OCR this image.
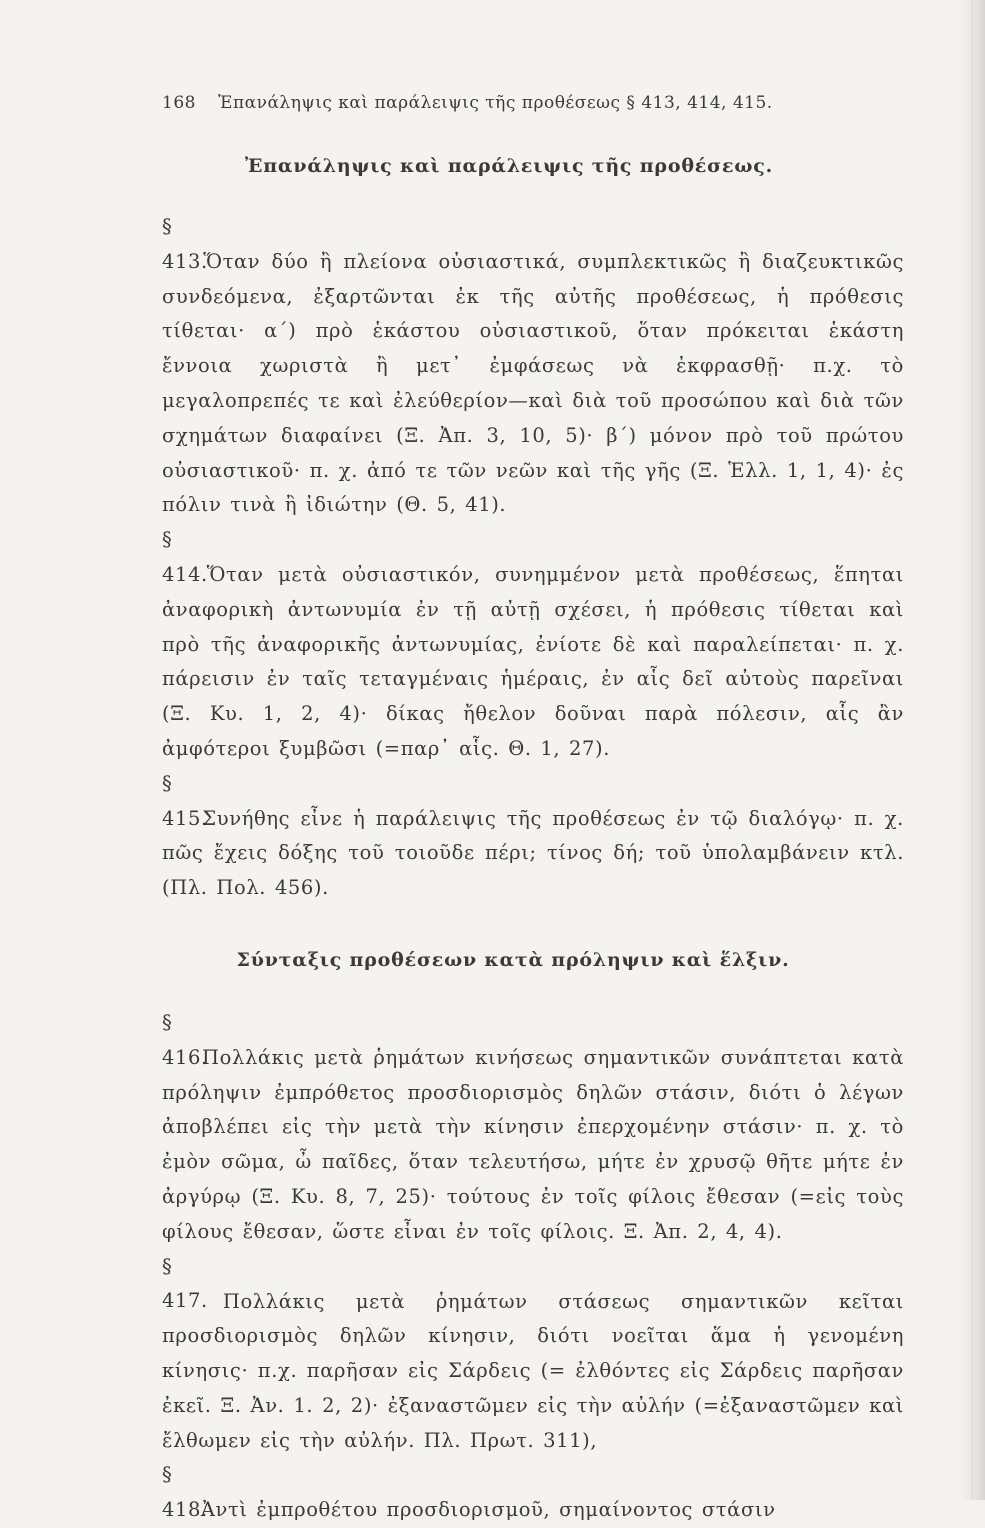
168 Ἐπανάληψις καὶ παράλειψις τῆς προθέσεως § 413, 414, 415.
Ἐπανάληψις καὶ παράλειψις τῆς προθέσεως.

§ 413. Ὅταν δύο ἢ πλείονα οὐσιαστικά, συμπλεκτικῶς ἢ διαζευκτικῶς συνδεόμενα, ἐξαρτῶνται ἐκ τῆς αὐτῆς προθέσεως, ἡ πρόθεσις τίθεται· α΄) πρὸ ἑκάστου οὐσιαστικοῦ, ὅταν πρόκειται ἑκάστη ἔννοια χωριστὰ ἢ μετ᾽ ἐμφάσεως νὰ ἐκφρασθῇ· π.χ. τὸ μεγαλοπρεπές τε καὶ ἐλεύθερίον—καὶ διὰ τοῦ προσώπου καὶ διὰ τῶν σχημάτων διαφαίνει (Ξ. Ἀπ. 3, 10, 5)· β΄) μόνον πρὸ τοῦ πρώτου οὐσιαστικοῦ· π. χ. ἀπό τε τῶν νεῶν καὶ τῆς γῆς (Ξ. Ἑλλ. 1, 1, 4)· ἐς πόλιν τινὰ ἢ ἰδιώτην (Θ. 5, 41).

§ 414. Ὅταν μετὰ οὐσιαστικόν, συνημμένον μετὰ προθέσεως, ἕπηται ἀναφορικὴ ἀντωνυμία ἐν τῇ αὐτῇ σχέσει, ἡ πρόθεσις τίθεται καὶ πρὸ τῆς ἀναφορικῆς ἀντωνυμίας, ἐνίοτε δὲ καὶ παραλείπεται· π. χ. πάρεισιν ἐν ταῖς τεταγμέναις ἡμέραις, ἐν αἷς δεῖ αὐτοὺς παρεῖναι (Ξ. Κυ. 1, 2, 4)· δίκας ἤθελον δοῦναι παρὰ πόλεσιν, αἷς ἂν ἀμφότεροι ξυμβῶσι (=παρ᾽ αἷς. Θ. 1, 27).

§ 415. Συνήθης εἶνε ἡ παράλειψις τῆς προθέσεως ἐν τῷ διαλόγῳ· π. χ. πῶς ἔχεις δόξης τοῦ τοιοῦδε πέρι; τίνος δή; τοῦ ὑπολαμβάνειν κτλ. (Πλ. Πολ. 456).

Σύνταξις προθέσεων κατὰ πρόληψιν καὶ ἕλξιν.

§ 416. Πολλάκις μετὰ ῥημάτων κινήσεως σημαντικῶν συνάπτεται κατὰ πρόληψιν ἐμπρόθετος προσδιορισμὸς δηλῶν στάσιν, διότι ὁ λέγων ἀποβλέπει εἰς τὴν μετὰ τὴν κίνησιν ἐπερχομένην στάσιν· π. χ. τὸ ἐμὸν σῶμα, ὦ παῖδες, ὅταν τελευτήσω, μήτε ἐν χρυσῷ θῆτε μήτε ἐν ἀργύρῳ (Ξ. Κυ. 8, 7, 25)· τούτους ἐν τοῖς φίλοις ἔθεσαν (=εἰς τοὺς φίλους ἔθεσαν, ὥστε εἶναι ἐν τοῖς φίλοις. Ξ. Ἀπ. 2, 4, 4).

§ 417. Πολλάκις μετὰ ῥημάτων στάσεως σημαντικῶν κεῖται προσδιορισμὸς δηλῶν κίνησιν, διότι νοεῖται ἅμα ἡ γενομένη κίνησις· π.χ. παρῆσαν εἰς Σάρδεις (= ἐλθόντες εἰς Σάρδεις παρῆσαν ἐκεῖ. Ξ. Ἀν. 1. 2, 2)· ἐξαναστῶμεν εἰς τὴν αὐλήν (=ἐξαναστῶμεν καὶ ἔλθωμεν εἰς τὴν αὐλήν. Πλ. Πρωτ. 311),

§ 418. Ἀντὶ ἐμπροθέτου προσδιορισμοῦ, σημαίνοντος στάσιν
